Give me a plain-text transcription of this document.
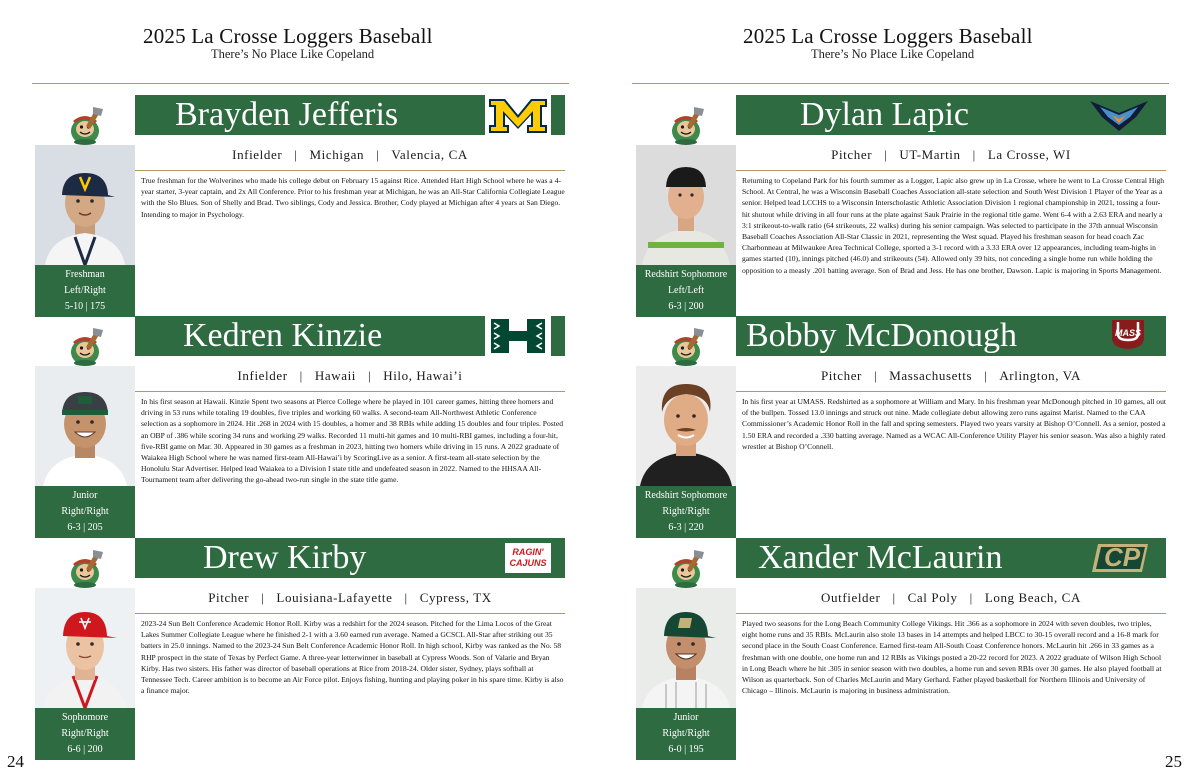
2025 La Crosse Loggers Baseball
There’s No Place Like Copeland
Brayden Jefferis
Freshman
Left/Right
5-10 | 175
Infielder | Michigan | Valencia, CA
True freshman for the Wolverines who made his college debut on February 15 against Rice. Attended Hart High School where he was a 4-year starter, 3-year captain, and 2x All Conference. Prior to his freshman year at Michigan, he was an All-Star California Collegiate League with the Slo Blues. Son of Shelly and Brad. Two siblings, Cody and Jessica. Brother, Cody played at Michigan after 4 years at San Diego. Intending to major in Psychology.
Kedren Kinzie
Junior
Right/Right
6-3 | 205
Infielder | Hawaii | Hilo, Hawai’i
In his first season at Hawaii. Kinzie Spent two seasons at Pierce College where he played in 101 career games, hitting three homers and driving in 53 runs while totaling 19 doubles, five triples and working 60 walks. A second-team All-Northwest Athletic Conference selection as a sophomore in 2024. Hit .268 in 2024 with 15 doubles, a homer and 38 RBIs while adding 15 doubles and four triples. Posted an OBP of .386 while scoring 34 runs and working 29 walks. Recorded 11 multi-hit games and 10 multi-RBI games, including a four-hit, five-RBI game on Mar. 30. Appeared in 30 games as a freshman in 2023, hitting two homers while driving in 15 runs. A 2022 graduate of Waiakea High School where he was named first-team All-Hawai’i by ScoringLive as a senior. A first-team all-state selection by the Honolulu Star Advertiser. Helped lead Waiakea to a Division I state title and undefeated season in 2022. Named to the HHSAA All-Tournament team after delivering the go-ahead two-run single in the state title game.
Drew Kirby	RAGIN'
CAJUNS
Sophomore
Right/Right
6-6 | 200
Pitcher | Louisiana-Lafayette | Cypress, TX
2023-24 Sun Belt Conference Academic Honor Roll. Kirby was a redshirt for the 2024 season. Pitched for the Lima Locos of the Great Lakes Summer Collegiate League where he finished 2-1 with a 3.60 earned run average. Named a GCSCL All-Star after striking out 35 batters in 25.0 innings. Named to the 2023-24 Sun Belt Conference Academic Honor Roll. In high school, Kirby was ranked as the No. 58 RHP prospect in the state of Texas by Perfect Game. A three-year letterwinner in baseball at Cypress Woods. Son of Valarie and Bryan Kirby. Has two sisters. His father was director of baseball operations at Rice from 2018-24. Older sister, Sydney, plays softball at Tennessee Tech. Career ambition is to become an Air Force pilot. Enjoys fishing, hunting and playing poker in his spare time. Kirby is also a finance major.
24
2025 La Crosse Loggers Baseball
There’s No Place Like Copeland
Dylan Lapic
Redshirt Sophomore
Left/Left
6-3 | 200
Pitcher | UT-Martin | La Crosse, WI
Returning to Copeland Park for his fourth summer as a Logger, Lapic also grew up in La Crosse, where he went to La Crosse Central High School. At Central, he was a Wisconsin Baseball Coaches Association all-state selection and South West Division 1 Player of the Year as a senior. Helped lead LCCHS to a Wisconsin Interscholastic Athletic Association Division 1 regional championship in 2021, tossing a four-hit shutout while driving in all four runs at the plate against Sauk Prairie in the regional title game. Went 6-4 with a 2.63 ERA and nearly a 3:1 strikeout-to-walk ratio (64 strikeouts, 22 walks) during his senior campaign. Was selected to participate in the 37th annual Wisconsin Baseball Coaches Association All-Star Classic in 2021, representing the West squad. Played his freshman season for head coach Zac Charbonneau at Milwaukee Area Technical College, sported a 3-1 record with a 3.33 ERA over 12 appearances, including team-highs in games started (10), innings pitched (46.0) and strikeouts (54). Allowed only 39 hits, not conceding a single home run while holding the opposition to a measly .201 batting average. Son of Brad and Jess. He has one brother, Dawson. Lapic is majoring in Sports Management.
Bobby McDonough	MASS
Redshirt Sophomore
Right/Right
6-3 | 220
Pitcher | Massachusetts | Arlington, VA
In his first year at UMASS. Redshirted as a sophomore at William and Mary. In his freshman year McDonough pitched in 10 games, all out of the bullpen. Tossed 13.0 innings and struck out nine. Made collegiate debut allowing zero runs against Marist. Named to the CAA Commissioner’s Academic Honor Roll in the fall and spring semesters. Played two years varsity at Bishop O’Connell. As a senior, posted a 1.50 ERA and recorded a .330 batting average. Named as a WCAC All-Conference Utility Player his senior season. Was also a highly rated wrestler at Bishop O’Connell.
Xander McLaurin	CP
Junior
Right/Right
6-0 | 195
Outfielder | Cal Poly | Long Beach, CA
Played two seasons for the Long Beach Community College Vikings. Hit .366 as a sophomore in 2024 with seven doubles, two triples, eight home runs and 35 RBIs. McLaurin also stole 13 bases in 14 attempts and helped LBCC to 30-15 overall record and a 16-8 mark for second place in the South Coast Conference. Earned first-team All-South Coast Conference honors. McLaurin hit .266 in 33 games as a freshman with one double, one home run and 12 RBIs as Vikings posted a 20-22 record for 2023. A 2022 graduate of Wilson High School in Long Beach where he hit .305 in senior season with two doubles, a home run and seven RBIs over 30 games. He also played football at Wilson as quarterback. Son of Charles McLaurin and Mary Gerhard. Father played basketball for Northern Illinois and University of Chicago – Illinois. McLaurin is majoring in business administration.
25
